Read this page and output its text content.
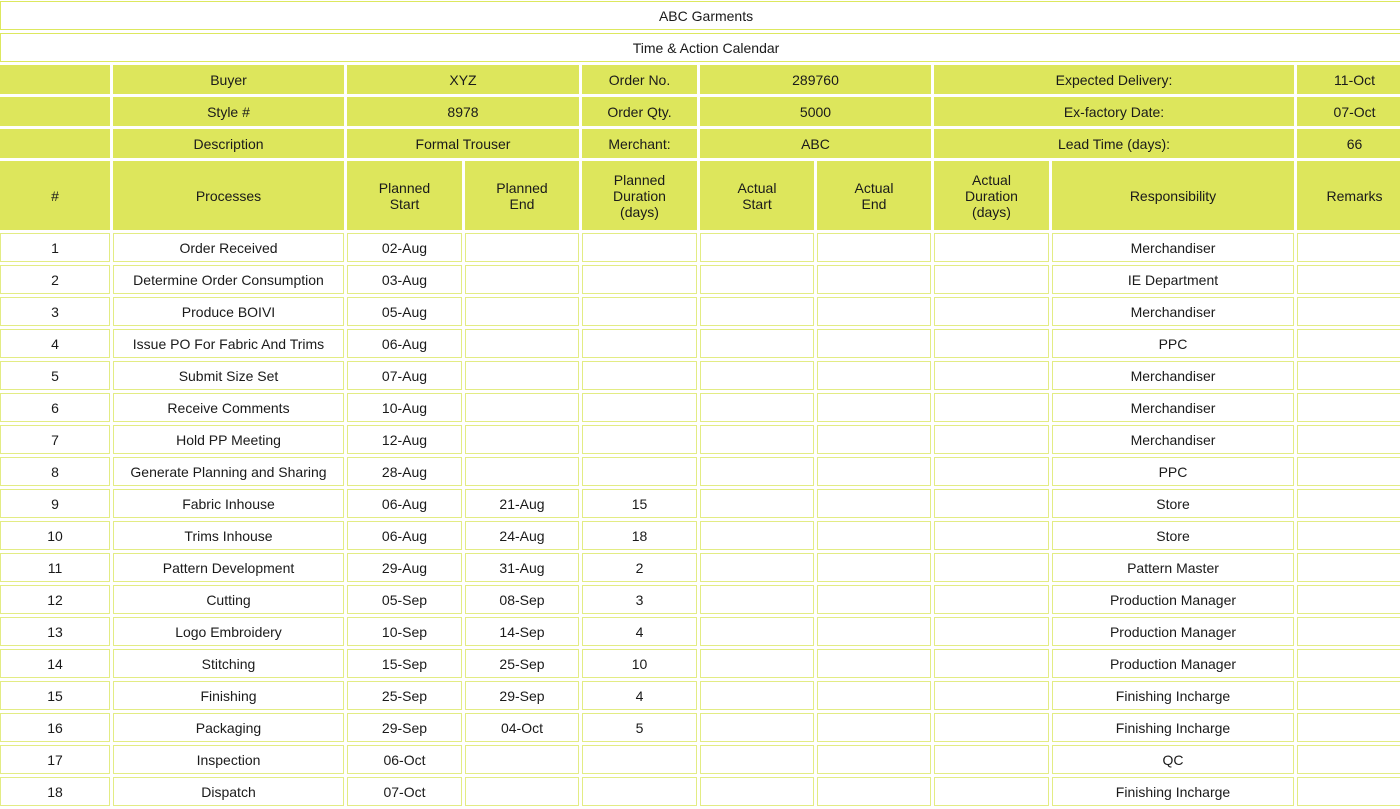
ABC Garments									
Time & Action Calendar									
	Buyer	XYZ		Order No.	289760		Expected Delivery:		11-Oct
	Style #	8978		Order Qty.	5000		Ex-factory Date:		07-Oct
	Description	Formal Trouser		Merchant:	ABC		Lead Time (days):		66
#	Processes	Planned Start	Planned End	Planned Duration (days)	Actual Start	Actual End	Actual Duration (days)	Responsibility	Remarks
1	Order Received	02-Aug						Merchandiser	
2	Determine Order Consumption	03-Aug						IE Department	
3	Produce BOIVI	05-Aug						Merchandiser	
4	Issue PO For Fabric And Trims	06-Aug						PPC	
5	Submit Size Set	07-Aug						Merchandiser	
6	Receive Comments	10-Aug						Merchandiser	
7	Hold PP Meeting	12-Aug						Merchandiser	
8	Generate Planning and Sharing	28-Aug						PPC	
9	Fabric Inhouse	06-Aug	21-Aug	15				Store	
10	Trims Inhouse	06-Aug	24-Aug	18				Store	
11	Pattern Development	29-Aug	31-Aug	2				Pattern Master	
12	Cutting	05-Sep	08-Sep	3				Production Manager	
13	Logo Embroidery	10-Sep	14-Sep	4				Production Manager	
14	Stitching	15-Sep	25-Sep	10				Production Manager	
15	Finishing	25-Sep	29-Sep	4				Finishing Incharge	
16	Packaging	29-Sep	04-Oct	5				Finishing Incharge	
17	Inspection	06-Oct						QC	
18	Dispatch	07-Oct						Finishing Incharge	
